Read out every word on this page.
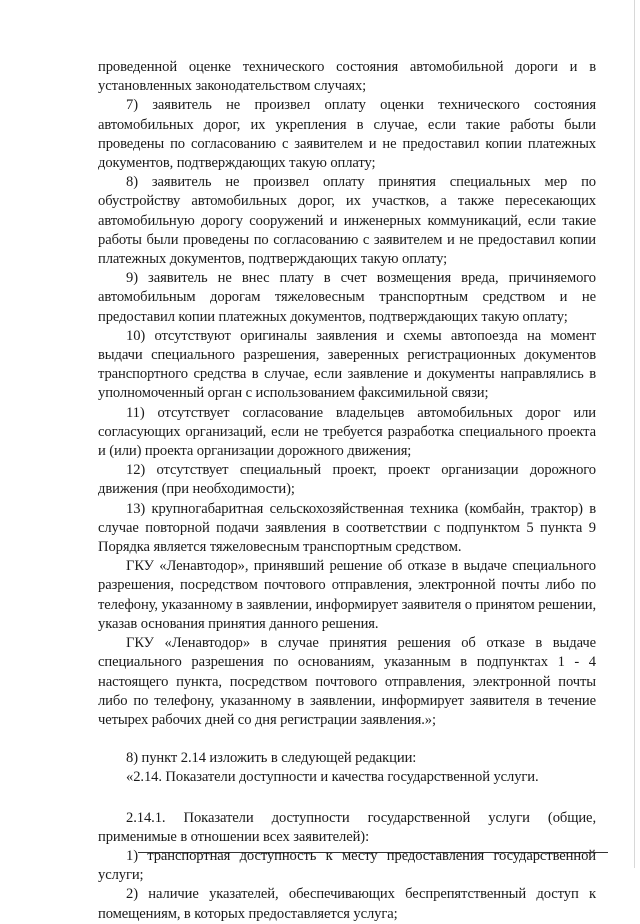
проведенной оценке технического состояния автомобильной дороги и в установленных законодательством случаях;

7) заявитель не произвел оплату оценки технического состояния автомобильных дорог, их укрепления в случае, если такие работы были проведены по согласованию с заявителем и не предоставил копии платежных документов, подтверждающих такую оплату;

8) заявитель не произвел оплату принятия специальных мер по обустройству автомобильных дорог, их участков, а также пересекающих автомобильную дорогу сооружений и инженерных коммуникаций, если такие работы были проведены по согласованию с заявителем и не предоставил копии платежных документов, подтверждающих такую оплату;

9) заявитель не внес плату в счет возмещения вреда, причиняемого автомобильным дорогам тяжеловесным транспортным средством и не предоставил копии платежных документов, подтверждающих такую оплату;

10) отсутствуют оригиналы заявления и схемы автопоезда на момент выдачи специального разрешения, заверенных регистрационных документов транспортного средства в случае, если заявление и документы направлялись в уполномоченный орган с использованием факсимильной связи;

11) отсутствует согласование владельцев автомобильных дорог или согласующих организаций, если не требуется разработка специального проекта и (или) проекта организации дорожного движения;

12) отсутствует специальный проект, проект организации дорожного движения (при необходимости);

13) крупногабаритная сельскохозяйственная техника (комбайн, трактор) в случае повторной подачи заявления в соответствии с подпунктом 5 пункта 9 Порядка является тяжеловесным транспортным средством.

ГКУ «Ленавтодор», принявший решение об отказе в выдаче специального разрешения, посредством почтового отправления, электронной почты либо по телефону, указанному в заявлении, информирует заявителя о принятом решении, указав основания принятия данного решения.

ГКУ «Ленавтодор» в случае принятия решения об отказе в выдаче специального разрешения по основаниям, указанным в подпунктах 1 - 4 настоящего пункта, посредством почтового отправления, электронной почты либо по телефону, указанному в заявлении, информирует заявителя в течение четырех рабочих дней со дня регистрации заявления.»;

8) пункт 2.14 изложить в следующей редакции:

«2.14. Показатели доступности и качества государственной услуги.

2.14.1. Показатели доступности государственной услуги (общие, применимые в отношении всех заявителей):

1) транспортная доступность к месту предоставления государственной услуги;

2) наличие указателей, обеспечивающих беспрепятственный доступ к помещениям, в которых предоставляется услуга;
